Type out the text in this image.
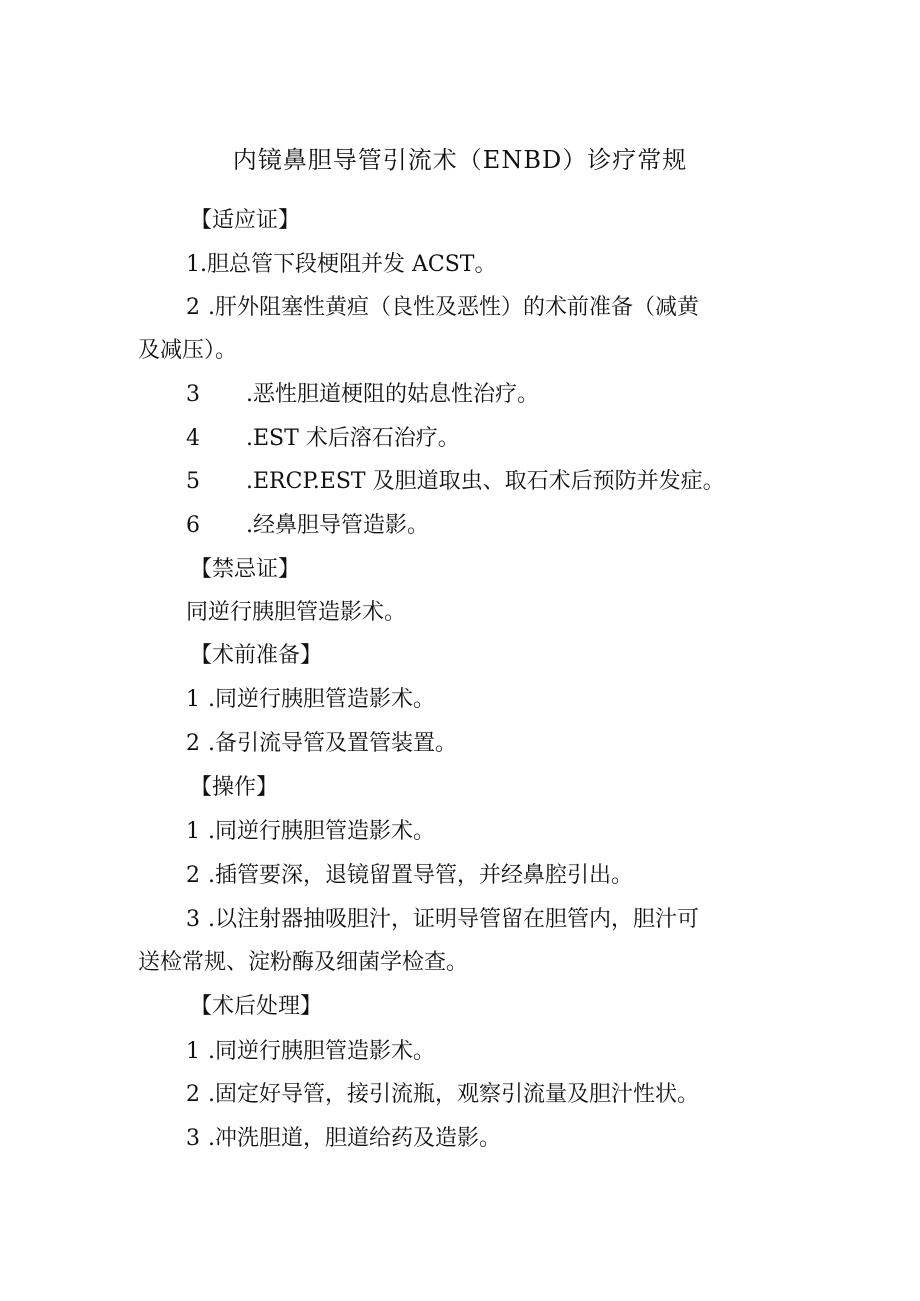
内镜鼻胆导管引流术（ENBD）诊疗常规
【适应证】
1.胆总管下段梗阻并发 ACST。
2 .肝外阻塞性黄疸（良性及恶性）的术前准备（减黄
及减压）。
3 .恶性胆道梗阻的姑息性治疗。
4 .EST 术后溶石治疗。
5 .ERCP.EST 及胆道取虫、取石术后预防并发症。
6 .经鼻胆导管造影。
【禁忌证】
同逆行胰胆管造影术。
【术前准备】
1 .同逆行胰胆管造影术。
2 .备引流导管及置管装置。
【操作】
1 .同逆行胰胆管造影术。
2 .插管要深，退镜留置导管，并经鼻腔引出。
3 .以注射器抽吸胆汁，证明导管留在胆管内，胆汁可
送检常规、淀粉酶及细菌学检查。
【术后处理】
1 .同逆行胰胆管造影术。
2 .固定好导管，接引流瓶，观察引流量及胆汁性状。
3 .冲洗胆道，胆道给药及造影。
